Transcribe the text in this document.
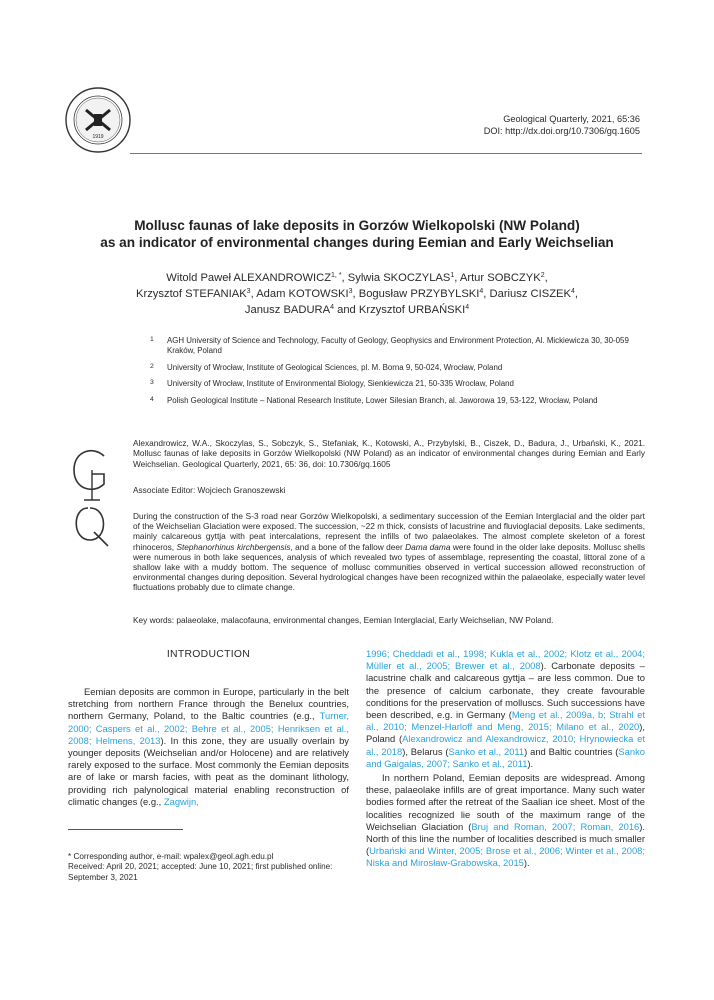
1919
Geological Quarterly, 2021, 65:36
DOI: http://dx.doi.org/10.7306/gq.1605
Mollusc faunas of lake deposits in Gorzów Wielkopolski (NW Poland)
as an indicator of environmental changes during Eemian and Early Weichselian
Witold Paweł $ALEXANDROWICZ^{1, *}$, Sylwia SKOCZYLAS$^1$, Artur SOBCZYK$^2$,
Krzysztof STEFANIAK$^3$, Adam KOTOWSKI$^3$, Bogusław PRZYBYLSKI$^4$, Dariusz CISZEK$^4$,
Janusz BADURA$^4$ and Krzysztof URBAŃSKI$^4$
1 AGH University of Science and Technology, Faculty of Geology, Geophysics and Environment Protection, Al. Mickiewicza 30, 30-059 Kraków, Poland
2 University of Wrocław, Institute of Geological Sciences, pl. M. Borna 9, 50-024, Wrocław, Poland
3 University of Wrocław, Institute of Environmental Biology, Sienkiewicza 21, 50-335 Wrocław, Poland
4 Polish Geological Institute – National Research Institute, Lower Silesian Branch, al. Jaworowa 19, 53-122, Wrocław, Poland
Alexandrowicz, W.A., Skoczylas, S., Sobczyk, S., Stefaniak, K., Kotowski, A., Przybylski, B., Ciszek, D., Badura, J., Urbański, K., 2021. Mollusc faunas of lake deposits in Gorzów Wielkopolski (NW Poland) as an indicator of environmental changes during Eemian and Early Weichselian. Geological Quarterly, 2021, 65: 36, doi: 10.7306/gq.1605
Associate Editor: Wojciech Granoszewski
During the construction of the S-3 road near Gorzów Wielkopolski, a sedimentary succession of the Eemian Interglacial and the older part of the Weichselian Glaciation were exposed. The succession, ~22 m thick, consists of lacustrine and fluvioglacial deposits. Lake sediments, mainly calcareous gyttja with peat intercalations, represent the infills of two palaeolakes. The almost complete skeleton of a forest rhinoceros, Stephanorhinus kirchbergensis, and a bone of the fallow deer Dama dama were found in the older lake deposits. Mollusc shells were numerous in both lake sequences, analysis of which revealed two types of assemblage, representing the coastal, littoral zone of a shallow lake with a muddy bottom. The sequence of mollusc communities observed in vertical succession allowed reconstruction of environmental changes during deposition. Several hydrological changes have been recognized within the palaeolake, especially water level fluctuations probably due to climate change.
Key words: palaeolake, malacofauna, environmental changes, Eemian Interglacial, Early Weichselian, NW Poland.
INTRODUCTION

Eemian deposits are common in Europe, particularly in the belt stretching from northern France through the Benelux countries, northern Germany, Poland, to the Baltic countries (e.g., Turner, 2000; Caspers et al., 2002; Behre et al., 2005; Henriksen et al., 2008; Helmens, 2013). In this zone, they are usually overlain by younger deposits (Weichselian and/or Holocene) and are relatively rarely exposed to the surface. Most commonly the Eemian deposits are of lake or marsh facies, with peat as the dominant lithology, providing rich palynological material enabling reconstruction of climatic changes (e.g., Zagwijn,

1996; Cheddadi et al., 1998; Kukla et al., 2002; Klotz et al., 2004; Müller et al., 2005; Brewer et al., 2008). Carbonate deposits – lacustrine chalk and calcareous gyttja – are less common. Due to the presence of calcium carbonate, they create favourable conditions for the preservation of molluscs. Such successions have been described, e.g. in Germany (Meng et al., 2009a, b; Strahl et al., 2010; Menzel-Harloff and Meng, 2015; Milano et al., 2020), Poland (Alexandrowicz and Alexandrowicz, 2010; Hrynowiecka et al., 2018), Belarus (Sanko et al., 2011) and Baltic countries (Sanko and Gaigalas, 2007; Sanko et al., 2011).

In northern Poland, Eemian deposits are widespread. Among these, palaeolake infills are of great importance. Many such water bodies formed after the retreat of the Saalian ice sheet. Most of the localities recognized lie south of the maximum range of the Weichselian Glaciation (Bruj and Roman, 2007; Roman, 2016). North of this line the number of localities described is much smaller (Urbański and Winter, 2005; Brose et al., 2006; Winter et al., 2008; Niska and Mirosław-Grabowska, 2015).

* Corresponding author, e-mail: wpalex@geol.agh.edu.pl

Received: April 20, 2021; accepted: June 10, 2021; first published online: September 3, 2021
